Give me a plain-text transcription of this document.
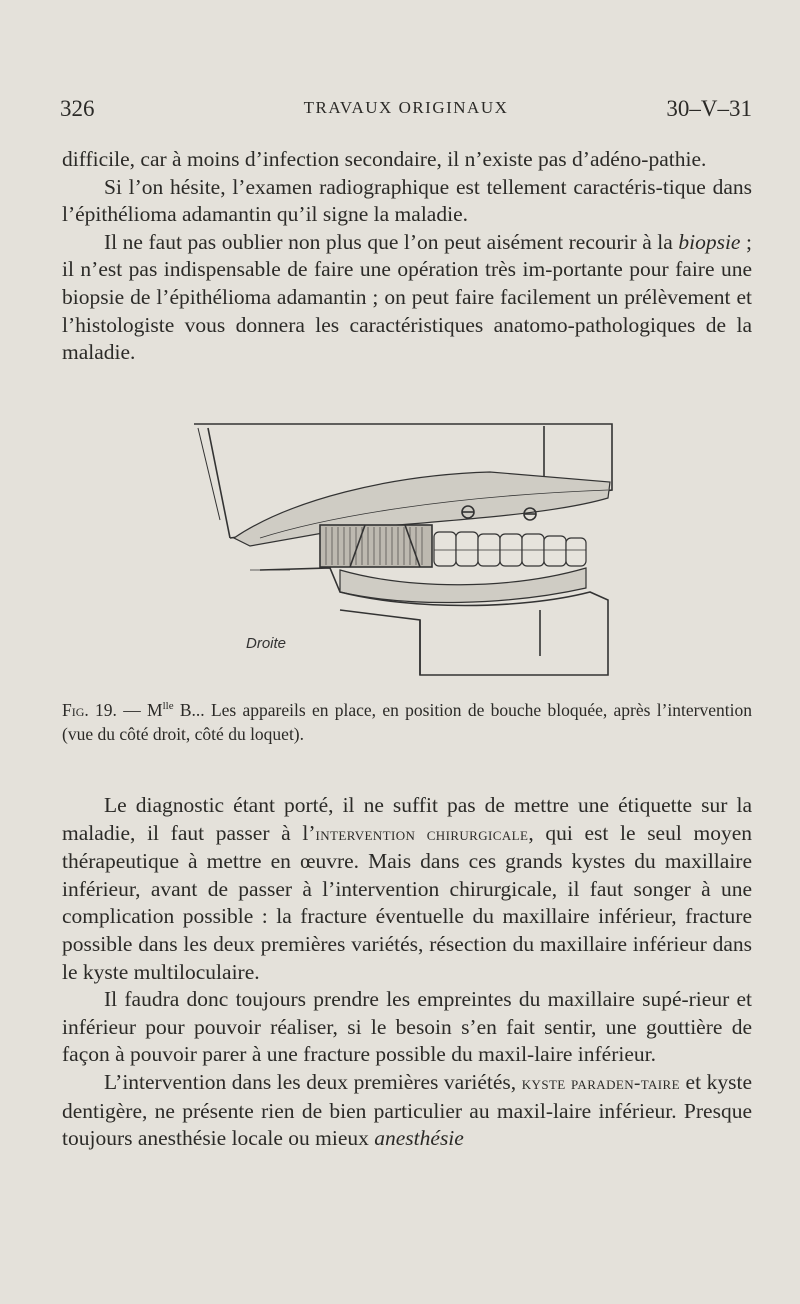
326	TRAVAUX ORIGINAUX	30–V–31

difficile, car à moins d’infection secondaire, il n’existe pas d’adéno-pathie.

Si l’on hésite, l’examen radiographique est tellement caractéris-tique dans l’épithélioma adamantin qu’il signe la maladie.

Il ne faut pas oublier non plus que l’on peut aisément recourir à la biopsie ; il n’est pas indispensable de faire une opération très im-portante pour faire une biopsie de l’épithélioma adamantin ; on peut faire facilement un prélèvement et l’histologiste vous donnera les caractéristiques anatomo-pathologiques de la maladie.

Droite
Fig. 19. — $M^{lle}$ B... Les appareils en place, en position de bouche bloquée, après l’intervention (vue du côté droit, côté du loquet).

Le diagnostic étant porté, il ne suffit pas de mettre une étiquette sur la maladie, il faut passer à l’intervention chirurgicale, qui est le seul moyen thérapeutique à mettre en œuvre. Mais dans ces grands kystes du maxillaire inférieur, avant de passer à l’intervention chirurgicale, il faut songer à une complication possible : la fracture éventuelle du maxillaire inférieur, fracture possible dans les deux premières variétés, résection du maxillaire inférieur dans le kyste multiloculaire.

Il faudra donc toujours prendre les empreintes du maxillaire supé-rieur et inférieur pour pouvoir réaliser, si le besoin s’en fait sentir, une gouttière de façon à pouvoir parer à une fracture possible du maxil-laire inférieur.

L’intervention dans les deux premières variétés, kyste paraden-taire et kyste dentigère, ne présente rien de bien particulier au maxil-laire inférieur. Presque toujours anesthésie locale ou mieux anesthésie
